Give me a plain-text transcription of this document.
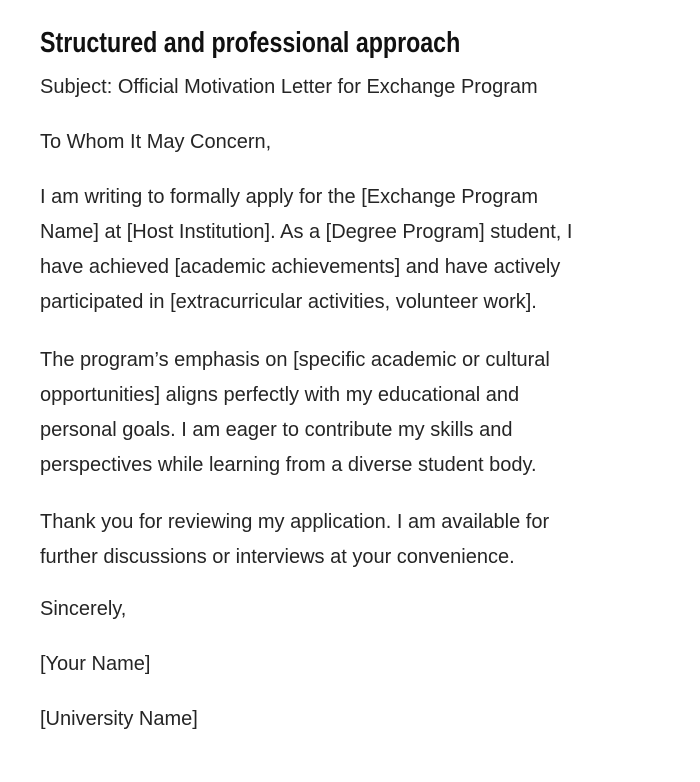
Structured and professional approach

Subject: Official Motivation Letter for Exchange Program

To Whom It May Concern,

I am writing to formally apply for the [Exchange Program
Name] at [Host Institution]. As a [Degree Program] student, I
have achieved [academic achievements] and have actively
participated in [extracurricular activities, volunteer work].
The program’s emphasis on [specific academic or cultural
opportunities] aligns perfectly with my educational and
personal goals. I am eager to contribute my skills and
perspectives while learning from a diverse student body.
Thank you for reviewing my application. I am available for
further discussions or interviews at your convenience.

Sincerely,

[Your Name]

[University Name]
